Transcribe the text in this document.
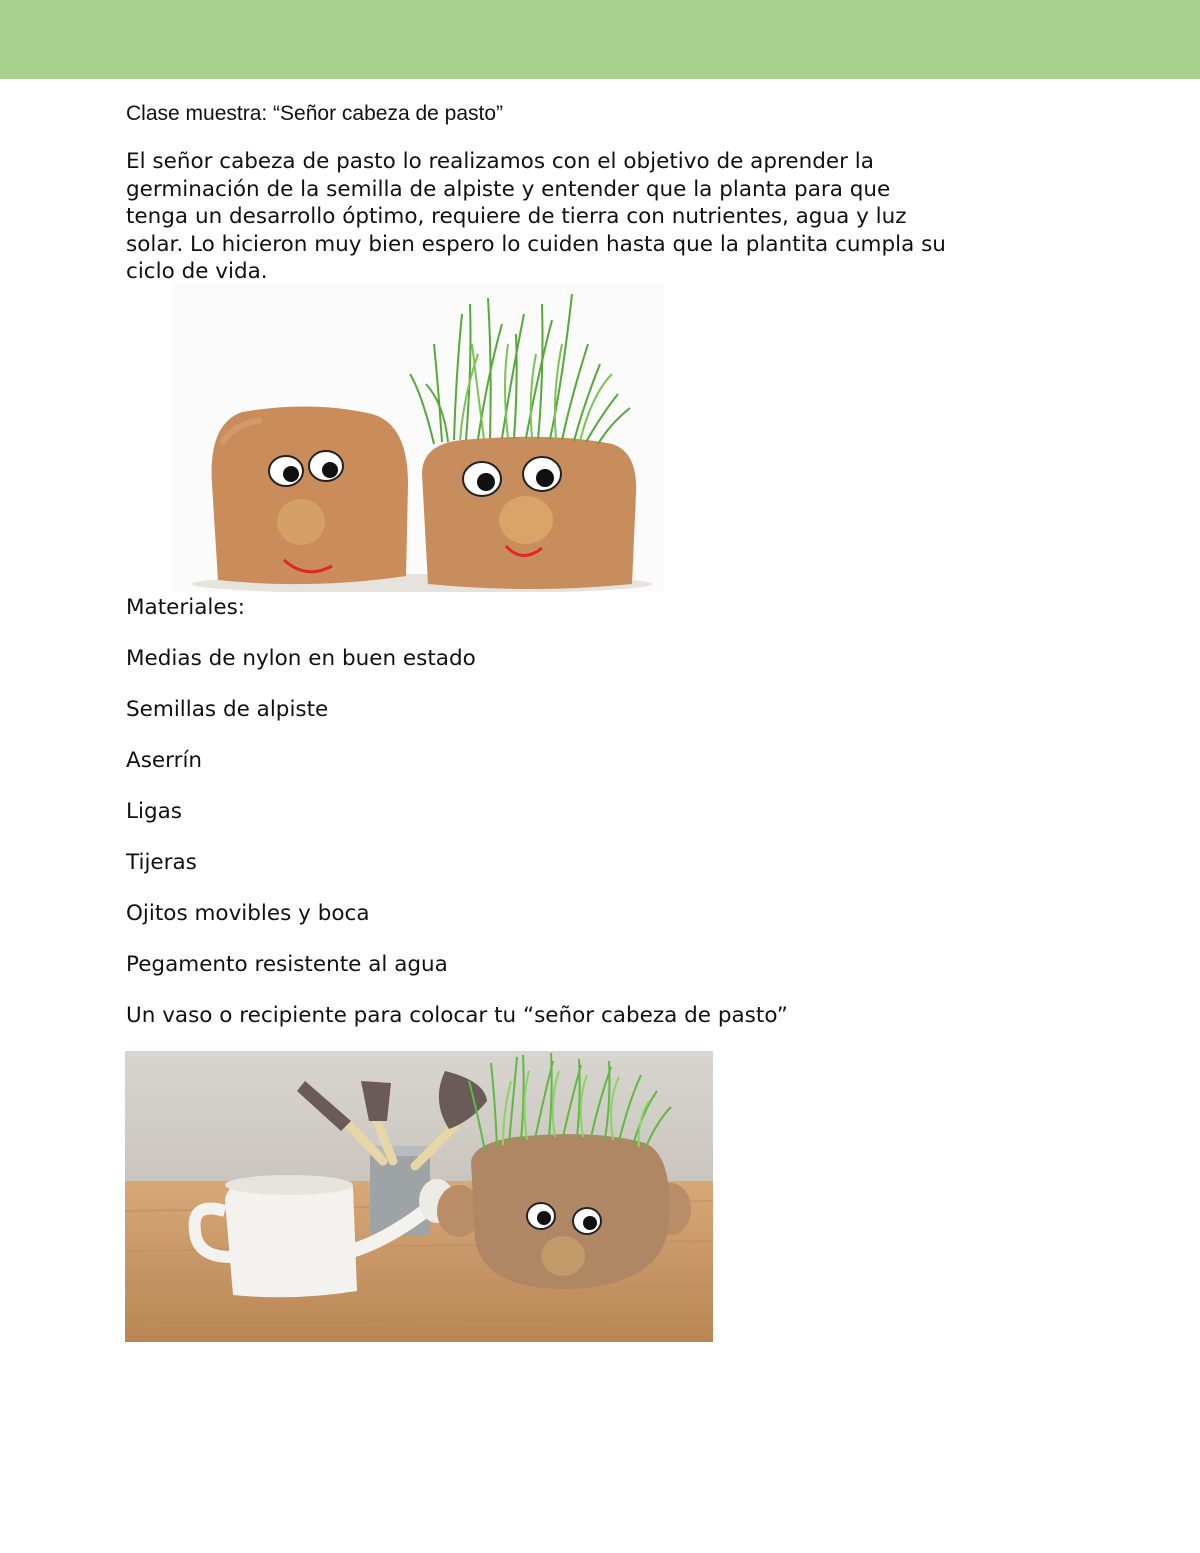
Clase muestra: “Señor cabeza de pasto”

El señor cabeza de pasto lo realizamos con el objetivo de aprender la
germinación de la semilla de alpiste y entender que la planta para que
tenga un desarrollo óptimo, requiere de tierra con nutrientes, agua y luz
solar. Lo hicieron muy bien espero lo cuiden hasta que la plantita cumpla su
ciclo de vida.

Materiales:
Medias de nylon en buen estado
Semillas de alpiste
Aserrín
Ligas
Tijeras
Ojitos movibles y boca
Pegamento resistente al agua
Un vaso o recipiente para colocar tu “señor cabeza de pasto”
